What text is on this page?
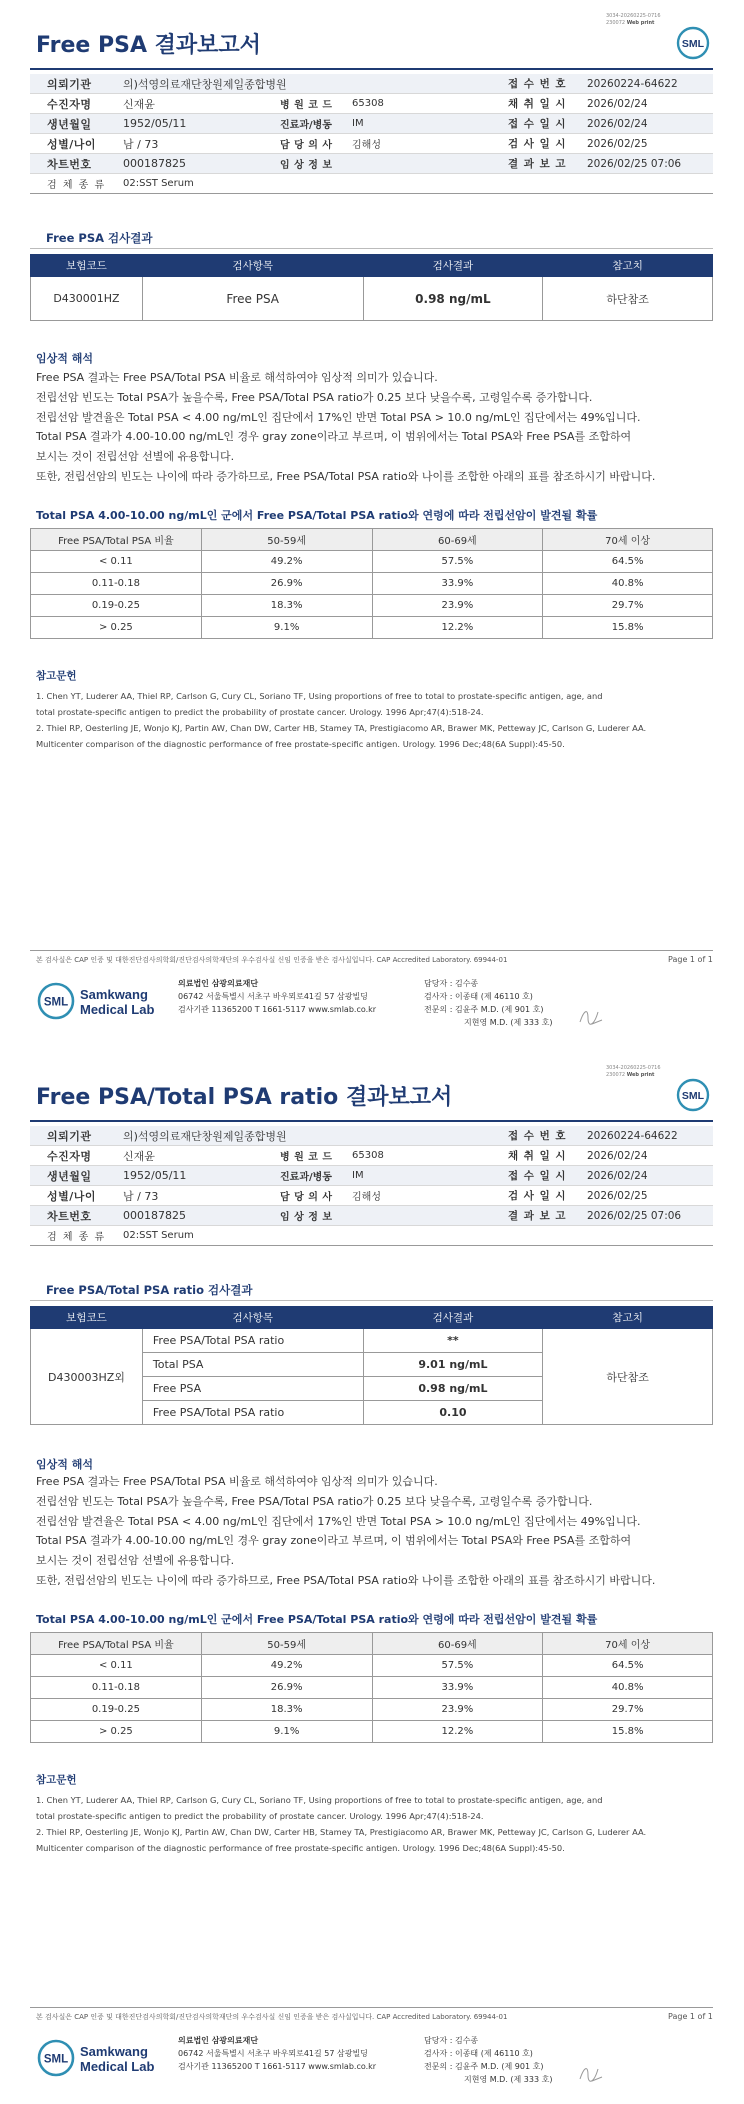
3034-20260225-0716
230072 Web print
Free PSA 결과보고서	SML
의뢰기관	의)석영의료재단창원제일종합병원	접 수 번 호	20260224-64622
수진자명	신재윤	병 원 코 드	65308	채 취 일 시	2026/02/24
생년월일	1952/05/11	진료과/병동	IM	접 수 일 시	2026/02/24
성별/나이	남 / 73	담 당 의 사	김해성	검 사 일 시	2026/02/25
차트번호	000187825	임 상 정 보	결 과 보 고	2026/02/25 07:06
검 체 종 류	02:SST Serum
Free PSA 검사결과
보험코드	검사항목	검사결과	참고치
D430001HZ	Free PSA	0.98 ng/mL	하단참조
임상적 해석
Free PSA 결과는 Free PSA/Total PSA 비율로 해석하여야 임상적 의미가 있습니다.
전립선암 빈도는 Total PSA가 높을수록, Free PSA/Total PSA ratio가 0.25 보다 낮을수록, 고령일수록 증가합니다.
전립선암 발견율은 Total PSA < 4.00 ng/mL인 집단에서 17%인 반면 Total PSA > 10.0 ng/mL인 집단에서는 49%입니다.
Total PSA 결과가 4.00-10.00 ng/mL인 경우 gray zone이라고 부르며, 이 범위에서는 Total PSA와 Free PSA를 조합하여
보시는 것이 전립선암 선별에 유용합니다.
또한, 전립선암의 빈도는 나이에 따라 증가하므로, Free PSA/Total PSA ratio와 나이를 조합한 아래의 표를 참조하시기 바랍니다.
Total PSA 4.00-10.00 ng/mL인 군에서 Free PSA/Total PSA ratio와 연령에 따라 전립선암이 발견될 확률
Free PSA/Total PSA 비율	50-59세	60-69세	70세 이상
< 0.11	49.2%	57.5%	64.5%
0.11-0.18	26.9%	33.9%	40.8%
0.19-0.25	18.3%	23.9%	29.7%
> 0.25	9.1%	12.2%	15.8%
참고문헌
1. Chen YT, Luderer AA, Thiel RP, Carlson G, Cury CL, Soriano TF, Using proportions of free to total to prostate-specific antigen, age, and
total prostate-specific antigen to predict the probability of prostate cancer. Urology. 1996 Apr;47(4):518-24.
2. Thiel RP, Oesterling JE, Wonjo KJ, Partin AW, Chan DW, Carter HB, Stamey TA, Prestigiacomo AR, Brawer MK, Petteway JC, Carlson G, Luderer AA.
Multicenter comparison of the diagnostic performance of free prostate-specific antigen. Urology. 1996 Dec;48(6A Suppl):45-50.
본 검사실은 CAP 인증 및 대한진단검사의학회/진단검사의학재단의 우수검사실 신임 인증을 받은 검사실입니다. CAP Accredited Laboratory. 69944-01	Page 1 of 1
SML
Samkwang
Medical Lab
의료법인 삼광의료재단
06742 서울특별시 서초구 바우뫼로41길 57 삼광빌딩
검사기관 11365200 T 1661-5117 www.smlab.co.kr
담당자 : 김수종
검사자 : 이종태 (제 46110 호)
전문의 : 김윤주 M.D. (제 901 호)
지현영 M.D. (제 333 호)
3034-20260225-0716
230072 Web print
Free PSA/Total PSA ratio 결과보고서	SML
의뢰기관	의)석영의료재단창원제일종합병원	접 수 번 호	20260224-64622
수진자명	신재윤	병 원 코 드	65308	채 취 일 시	2026/02/24
생년월일	1952/05/11	진료과/병동	IM	접 수 일 시	2026/02/24
성별/나이	남 / 73	담 당 의 사	김해성	검 사 일 시	2026/02/25
차트번호	000187825	임 상 정 보	결 과 보 고	2026/02/25 07:06
검 체 종 류	02:SST Serum
Free PSA/Total PSA ratio 검사결과
보험코드	검사항목	검사결과	참고치
D430003HZ외	Free PSA/Total PSA ratio	**	하단참조
	Total PSA	9.01 ng/mL	
	Free PSA	0.98 ng/mL	
	Free PSA/Total PSA ratio	0.10	
임상적 해석
Free PSA 결과는 Free PSA/Total PSA 비율로 해석하여야 임상적 의미가 있습니다.
전립선암 빈도는 Total PSA가 높을수록, Free PSA/Total PSA ratio가 0.25 보다 낮을수록, 고령일수록 증가합니다.
전립선암 발견율은 Total PSA < 4.00 ng/mL인 집단에서 17%인 반면 Total PSA > 10.0 ng/mL인 집단에서는 49%입니다.
Total PSA 결과가 4.00-10.00 ng/mL인 경우 gray zone이라고 부르며, 이 범위에서는 Total PSA와 Free PSA를 조합하여
보시는 것이 전립선암 선별에 유용합니다.
또한, 전립선암의 빈도는 나이에 따라 증가하므로, Free PSA/Total PSA ratio와 나이를 조합한 아래의 표를 참조하시기 바랍니다.
Total PSA 4.00-10.00 ng/mL인 군에서 Free PSA/Total PSA ratio와 연령에 따라 전립선암이 발견될 확률
Free PSA/Total PSA 비율	50-59세	60-69세	70세 이상
< 0.11	49.2%	57.5%	64.5%
0.11-0.18	26.9%	33.9%	40.8%
0.19-0.25	18.3%	23.9%	29.7%
> 0.25	9.1%	12.2%	15.8%
참고문헌
1. Chen YT, Luderer AA, Thiel RP, Carlson G, Cury CL, Soriano TF, Using proportions of free to total to prostate-specific antigen, age, and
total prostate-specific antigen to predict the probability of prostate cancer. Urology. 1996 Apr;47(4):518-24.
2. Thiel RP, Oesterling JE, Wonjo KJ, Partin AW, Chan DW, Carter HB, Stamey TA, Prestigiacomo AR, Brawer MK, Petteway JC, Carlson G, Luderer AA.
Multicenter comparison of the diagnostic performance of free prostate-specific antigen. Urology. 1996 Dec;48(6A Suppl):45-50.
본 검사실은 CAP 인증 및 대한진단검사의학회/진단검사의학재단의 우수검사실 신임 인증을 받은 검사실입니다. CAP Accredited Laboratory. 69944-01	Page 1 of 1
SML
Samkwang
Medical Lab
의료법인 삼광의료재단
06742 서울특별시 서초구 바우뫼로41길 57 삼광빌딩
검사기관 11365200 T 1661-5117 www.smlab.co.kr
담당자 : 김수종
검사자 : 이종태 (제 46110 호)
전문의 : 김윤주 M.D. (제 901 호)
지현영 M.D. (제 333 호)
